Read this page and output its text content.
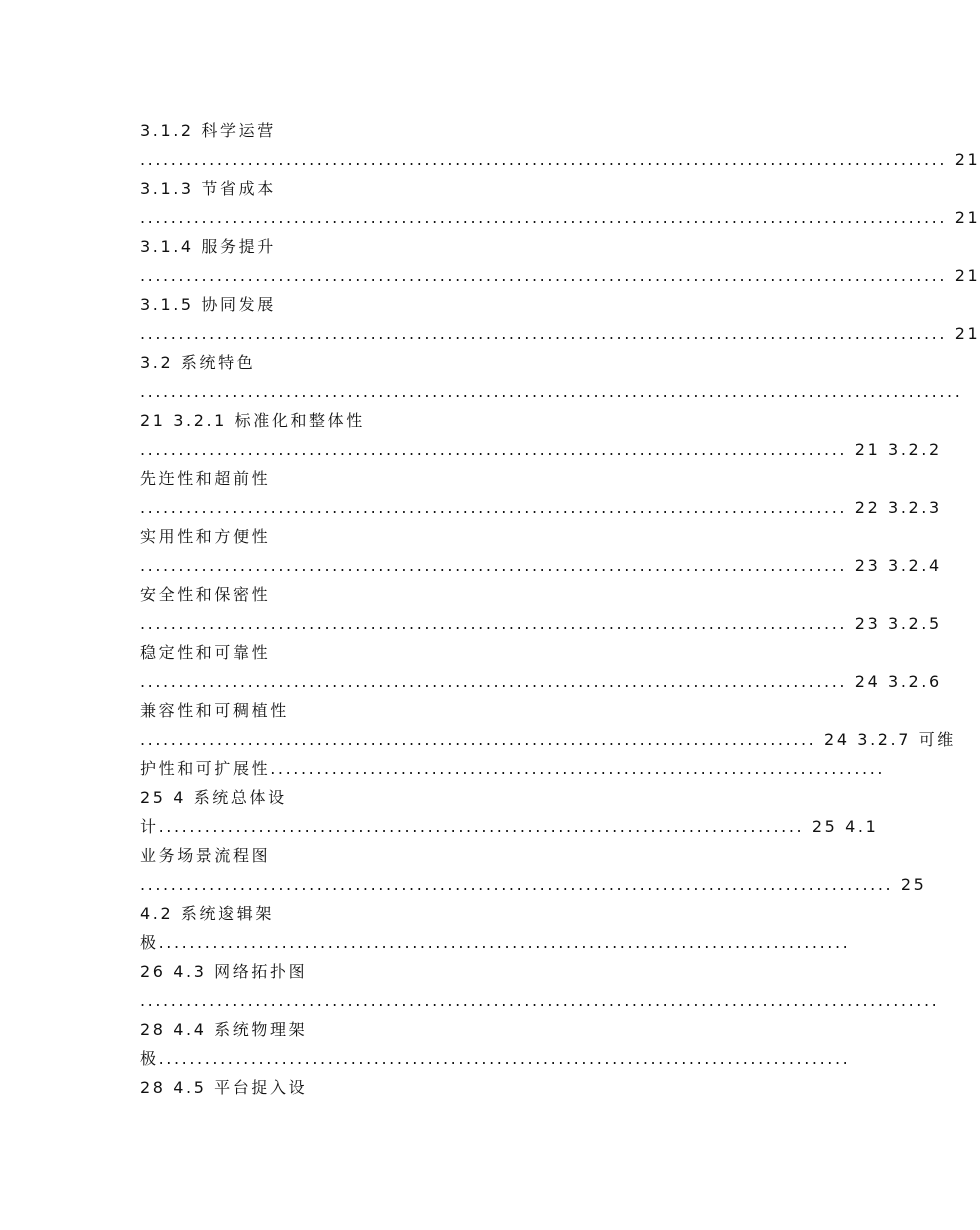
3.1.2 科学运营
......................................................................................................... 21
3.1.3 节省成本
......................................................................................................... 21
3.1.4 服务提升
......................................................................................................... 21
3.1.5 协同发展
......................................................................................................... 21
3.2 系统特色
...........................................................................................................
21 3.2.1 标准化和整体性
............................................................................................ 21 3.2.2
先迕性和超前性
............................................................................................ 22 3.2.3
实用性和方便性
............................................................................................ 23 3.2.4
安全性和保密性
............................................................................................ 23 3.2.5
稳定性和可靠性
............................................................................................ 24 3.2.6
兼容性和可稠植性
........................................................................................ 24 3.2.7 可维
护性和可扩展性................................................................................
25 4 系统总体设
计.................................................................................... 25 4.1
业务场景流程图
.................................................................................................. 25
4.2 系统逡辑架
极..........................................................................................
26 4.3 网络拓扑图
........................................................................................................
28 4.4 系统物理架
极..........................................................................................
28 4.5 平台捉入设
